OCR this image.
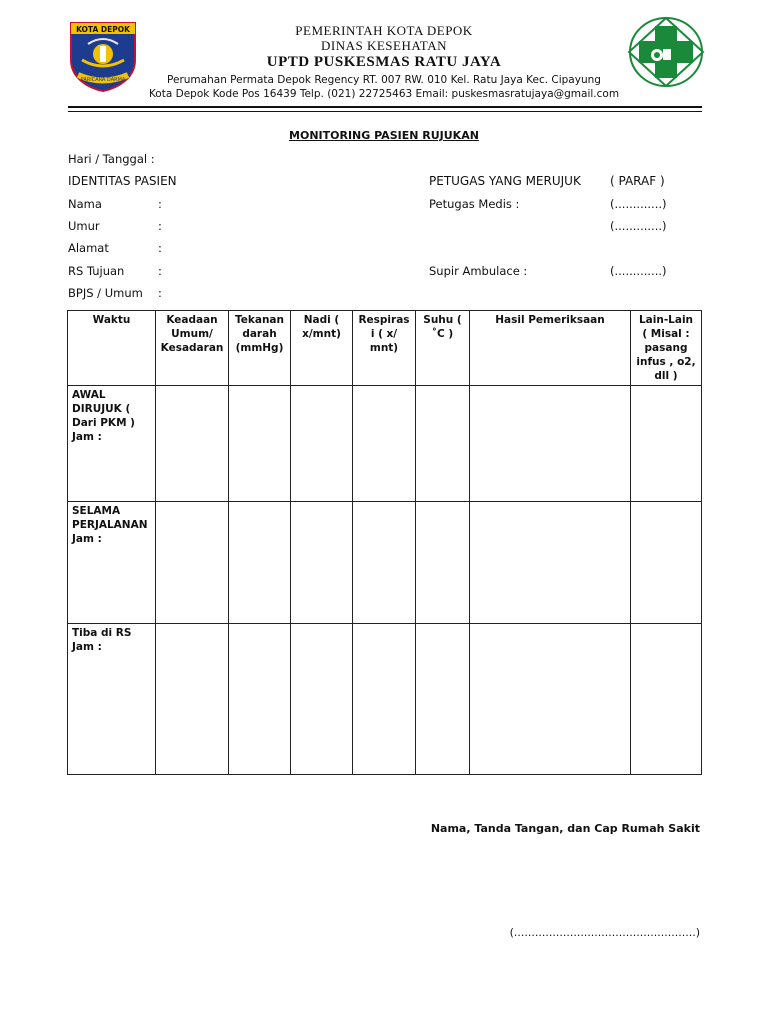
KOTA DEPOK
PARICARA DARMA
PEMERINTAH KOTA DEPOK
DINAS KESEHATAN
UPTD PUSKESMAS RATU JAYA
Perumahan Permata Depok Regency RT. 007 RW. 010 Kel. Ratu Jaya Kec. Cipayung
Kota Depok Kode Pos 16439 Telp. (021) 22725463 Email: puskesmasratujaya@gmail.com
MONITORING PASIEN RUJUKAN
Hari / Tanggal :
IDENTITAS PASIEN
Nama	:
Umur	:
Alamat	:
RS Tujuan	:
BPJS / Umum :
PETUGAS YANG MERUJUK ( PARAF )
Petugas Medis :	(.............)
(.............)
Supir Ambulace :	(.............)
Waktu	Keadaan Umum/ Kesadaran	Tekanan darah (mmHg)	Nadi ( x/mnt)	Respiras i ( x/ mnt)	Suhu ( ˚C )	Hasil Pemeriksaan	Lain-Lain ( Misal : pasang infus , o2, dll )
AWAL DIRUJUK ( Dari PKM ) Jam :							
SELAMA PERJALANAN Jam :							
Tiba di RS Jam :							
Nama, Tanda Tangan, dan Cap Rumah Sakit
(....................................................)
